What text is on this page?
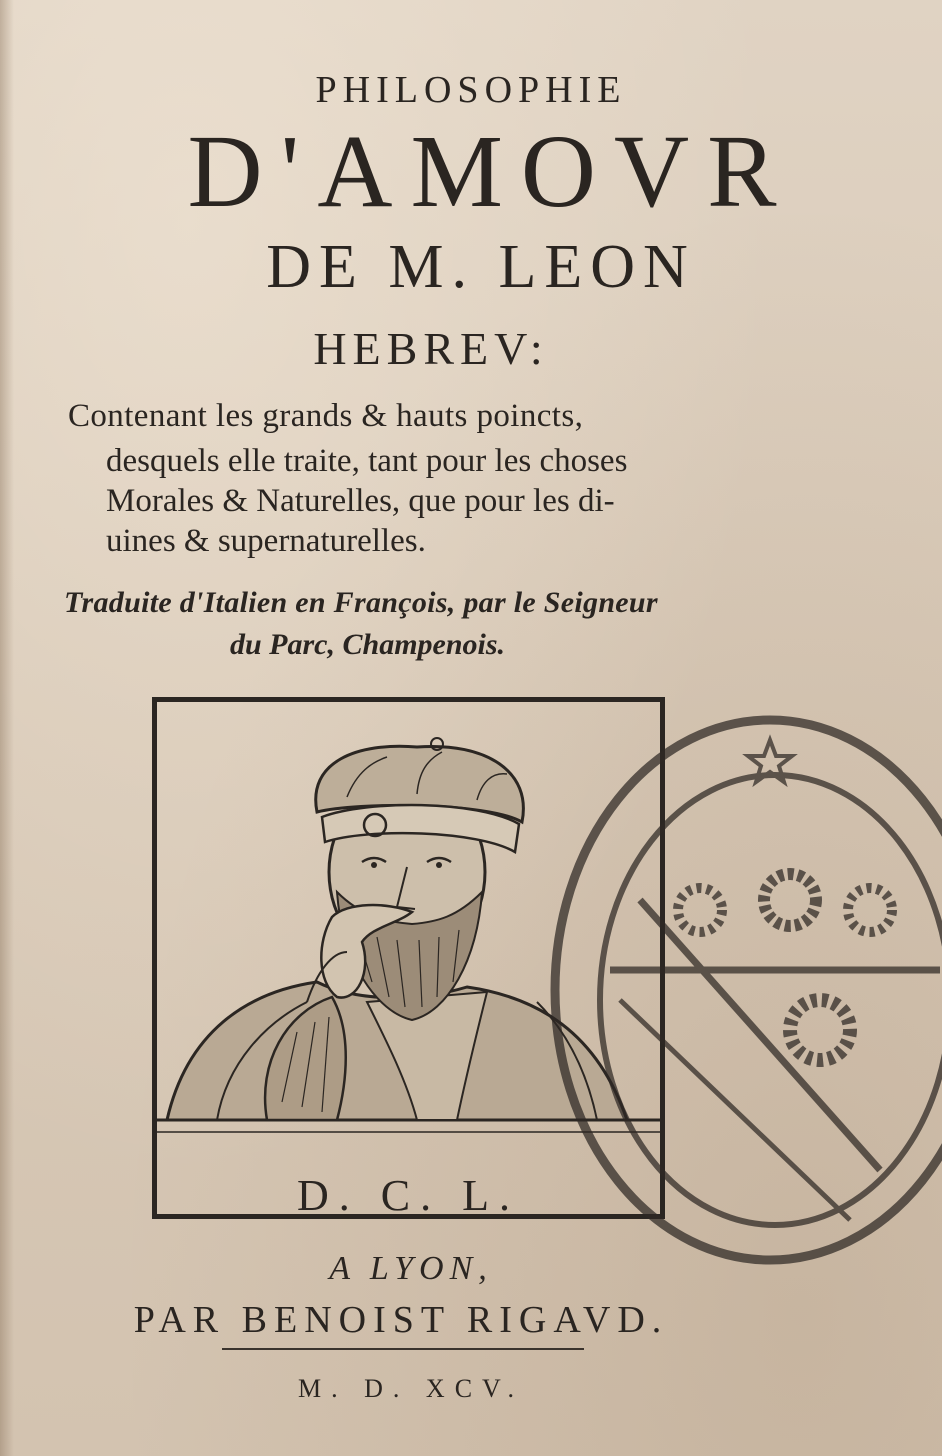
PHILOSOPHIE
D'AMOVR
DE M. LEON
HEBREV:
Contenant les grands & hauts poincts,
desquels elle traite, tant pour les choses
Morales & Naturelles, que pour les di-
uines & supernaturelles.
Traduite d'Italien en François, par le Seigneur
du Parc, Champenois.
D. C. L.
A LYON,
PAR BENOIST RIGAVD.
M. D. XCV.
